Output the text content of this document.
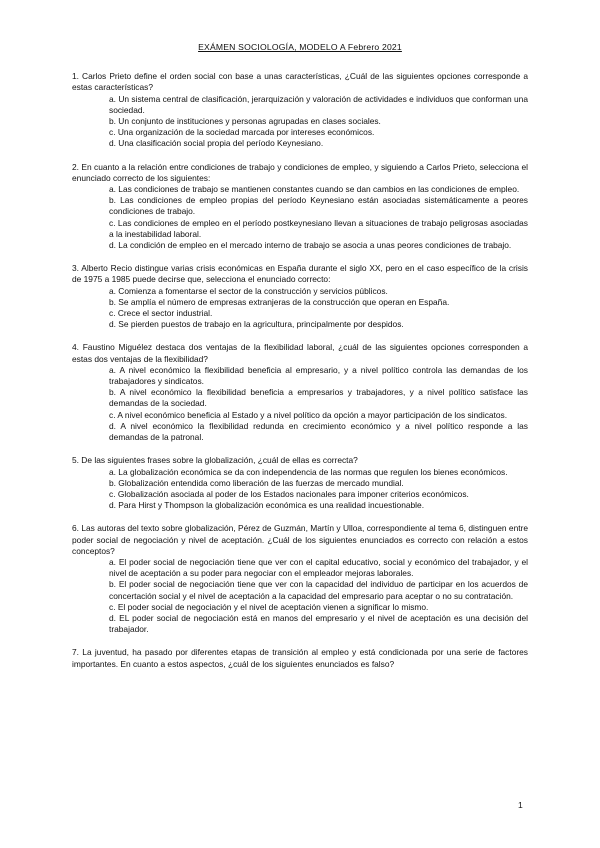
EXÁMEN SOCIOLOGÍA, MODELO A Febrero 2021

1. Carlos Prieto define el orden social con base a unas características, ¿Cuál de las siguientes opciones corresponde a estas características?

a. Un sistema central de clasificación, jerarquización y valoración de actividades e individuos que conforman una sociedad.
b. Un conjunto de instituciones y personas agrupadas en clases sociales.
c. Una organización de la sociedad marcada por intereses económicos.
d. Una clasificación social propia del período Keynesiano.

2. En cuanto a la relación entre condiciones de trabajo y condiciones de empleo, y siguiendo a Carlos Prieto, selecciona el enunciado correcto de los siguientes:

a. Las condiciones de trabajo se mantienen constantes cuando se dan cambios en las condiciones de empleo.
b. Las condiciones de empleo propias del período Keynesiano están asociadas sistemáticamente a peores condiciones de trabajo.
c. Las condiciones de empleo en el período postkeynesiano llevan a situaciones de trabajo peligrosas asociadas a la inestabilidad laboral.
d. La condición de empleo en el mercado interno de trabajo se asocia a unas peores condiciones de trabajo.

3. Alberto Recio distingue varias crisis económicas en España durante el siglo XX, pero en el caso específico de la crisis de 1975 a 1985 puede decirse que, selecciona el enunciado correcto:

a. Comienza a fomentarse el sector de la construcción y servicios públicos.
b. Se amplía el número de empresas extranjeras de la construcción que operan en España.
c. Crece el sector industrial.
d. Se pierden puestos de trabajo en la agricultura, principalmente por despidos.

4. Faustino Miguélez destaca dos ventajas de la flexibilidad laboral, ¿cuál de las siguientes opciones corresponden a estas dos ventajas de la flexibilidad?

a. A nivel económico la flexibilidad beneficia al empresario, y a nivel político controla las demandas de los trabajadores y sindicatos.
b. A nivel económico la flexibilidad beneficia a empresarios y trabajadores, y a nivel político satisface las demandas de la sociedad.
c. A nivel económico beneficia al Estado y a nivel político da opción a mayor participación de los sindicatos.
d. A nivel económico la flexibilidad redunda en crecimiento económico y a nivel político responde a las demandas de la patronal.

5. De las siguientes frases sobre la globalización, ¿cuál de ellas es correcta?

a. La globalización económica se da con independencia de las normas que regulen los bienes económicos.
b. Globalización entendida como liberación de las fuerzas de mercado mundial.
c. Globalización asociada al poder de los Estados nacionales para imponer criterios económicos.
d. Para Hirst y Thompson la globalización económica es una realidad incuestionable.

6. Las autoras del texto sobre globalización, Pérez de Guzmán, Martín y Ulloa, correspondiente al tema 6, distinguen entre poder social de negociación y nivel de aceptación. ¿Cuál de los siguientes enunciados es correcto con relación a estos conceptos?

a. El poder social de negociación tiene que ver con el capital educativo, social y económico del trabajador, y el nivel de aceptación a su poder para negociar con el empleador mejoras laborales.
b. El poder social de negociación tiene que ver con la capacidad del individuo de participar en los acuerdos de concertación social y el nivel de aceptación a la capacidad del empresario para aceptar o no su contratación.
c. El poder social de negociación y el nivel de aceptación vienen a significar lo mismo.
d. EL poder social de negociación está en manos del empresario y el nivel de aceptación es una decisión del trabajador.

7. La juventud, ha pasado por diferentes etapas de transición al empleo y está condicionada por una serie de factores importantes. En cuanto a estos aspectos, ¿cuál de los siguientes enunciados es falso?

1
